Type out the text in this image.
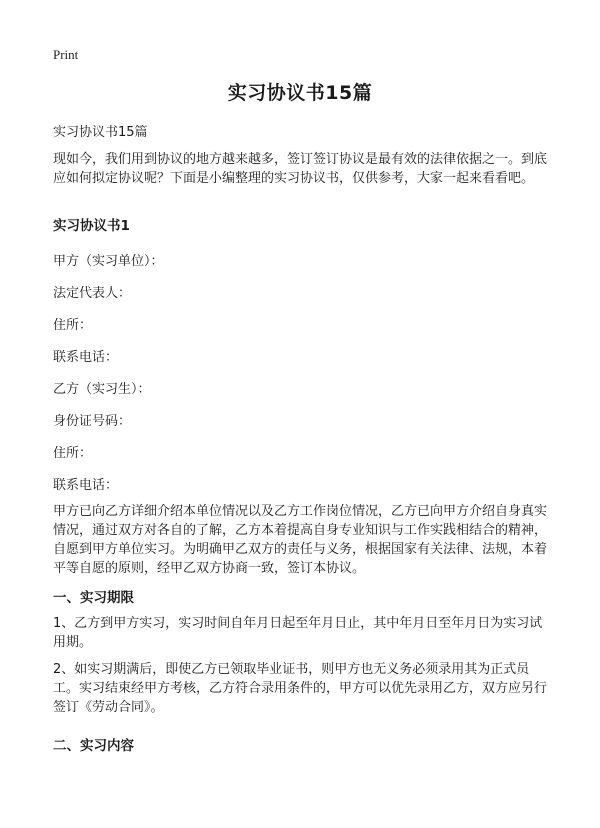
Print
实习协议书15篇
实习协议书15篇
现如今，我们用到协议的地方越来越多，签订签订协议是最有效的法律依据之一。到底应如何拟定协议呢？下面是小编整理的实习协议书，仅供参考，大家一起来看看吧。
实习协议书1
甲方（实习单位）：
法定代表人：
住所：
联系电话：
乙方（实习生）：
身份证号码：
住所：
联系电话：
甲方已向乙方详细介绍本单位情况以及乙方工作岗位情况，乙方已向甲方介绍自身真实情况，通过双方对各自的了解，乙方本着提高自身专业知识与工作实践相结合的精神，自愿到甲方单位实习。为明确甲乙双方的责任与义务，根据国家有关法律、法规，本着平等自愿的原则，经甲乙双方协商一致，签订本协议。
一、实习期限
1、乙方到甲方实习，实习时间自年月日起至年月日止，其中年月日至年月日为实习试用期。
2、如实习期满后，即使乙方已领取毕业证书，则甲方也无义务必须录用其为正式员工。实习结束经甲方考核，乙方符合录用条件的，甲方可以优先录用乙方，双方应另行签订《劳动合同》。
二、实习内容
